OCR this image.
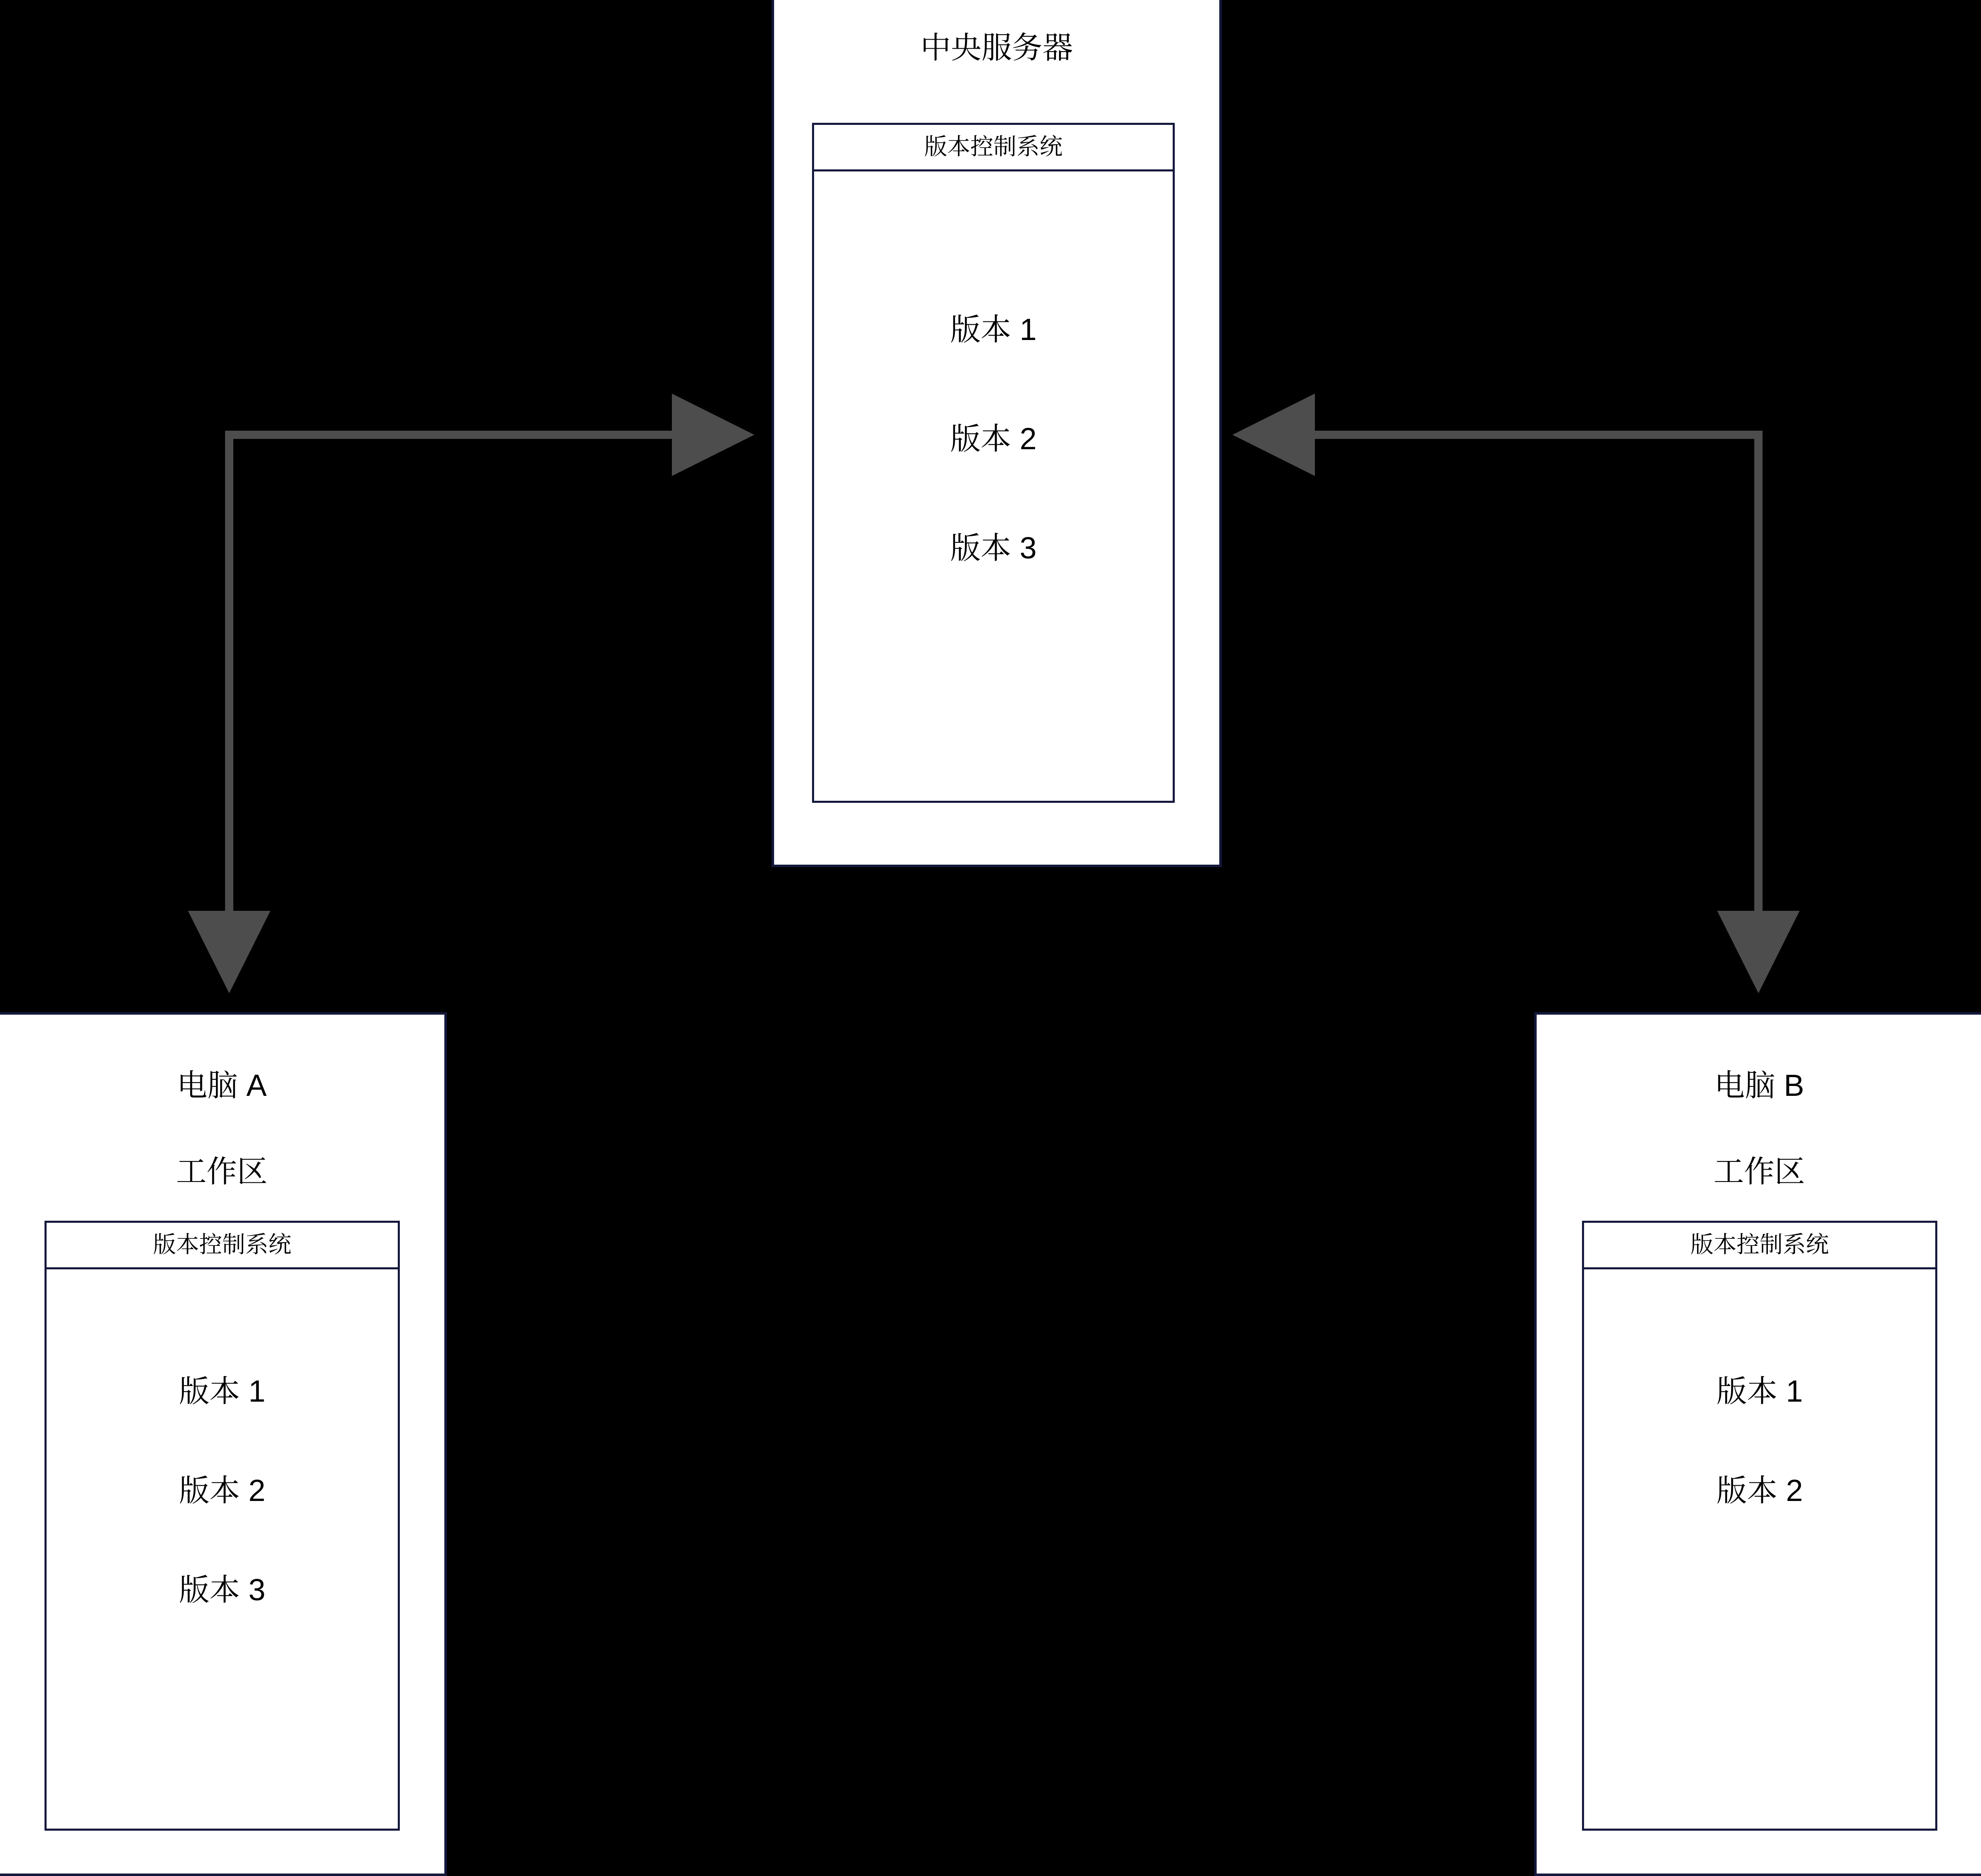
中央服务器
版本控制系统
版本 1
版本 2
版本 3
电脑 A
工作区
版本控制系统
版本 1
版本 2
版本 3
电脑 B
工作区
版本控制系统
版本 1
版本 2
